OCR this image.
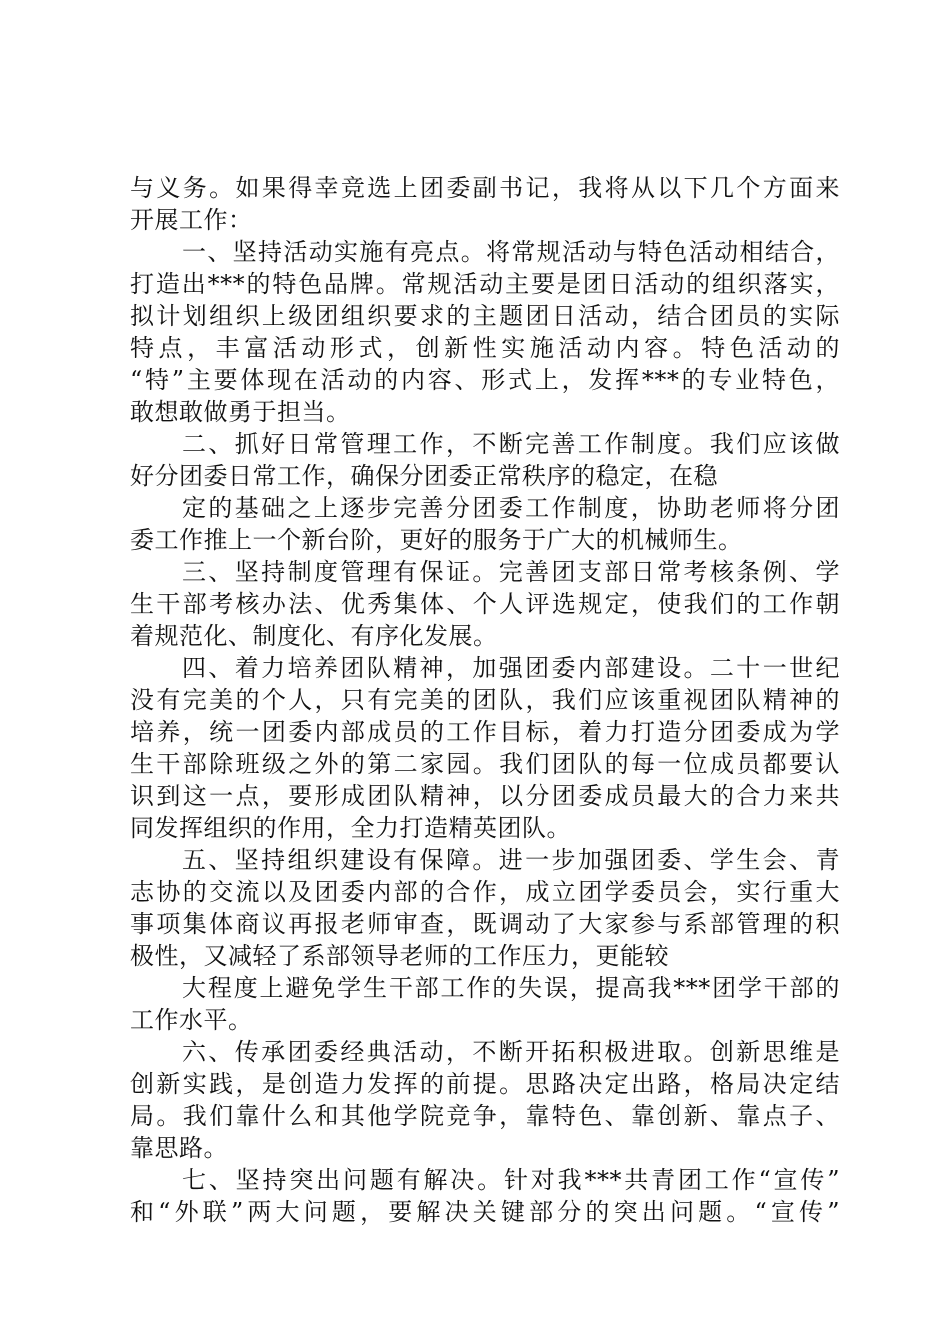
与义务。如果得幸竞选上团委副书记，我将从以下几个方面来
开展工作：
一、坚持活动实施有亮点。将常规活动与特色活动相结合，
打造出***的特色品牌。常规活动主要是团日活动的组织落实，
拟计划组织上级团组织要求的主题团日活动，结合团员的实际
特点，丰富活动形式，创新性实施活动内容。特色活动的
“特”主要体现在活动的内容、形式上，发挥***的专业特色，
敢想敢做勇于担当。
二、抓好日常管理工作，不断完善工作制度。我们应该做
好分团委日常工作，确保分团委正常秩序的稳定，在稳
定的基础之上逐步完善分团委工作制度，协助老师将分团
委工作推上一个新台阶，更好的服务于广大的机械师生。
三、坚持制度管理有保证。完善团支部日常考核条例、学
生干部考核办法、优秀集体、个人评选规定，使我们的工作朝
着规范化、制度化、有序化发展。
四、着力培养团队精神，加强团委内部建设。二十一世纪
没有完美的个人，只有完美的团队，我们应该重视团队精神的
培养，统一团委内部成员的工作目标，着力打造分团委成为学
生干部除班级之外的第二家园。我们团队的每一位成员都要认
识到这一点，要形成团队精神，以分团委成员最大的合力来共
同发挥组织的作用，全力打造精英团队。
五、坚持组织建设有保障。进一步加强团委、学生会、青
志协的交流以及团委内部的合作，成立团学委员会，实行重大
事项集体商议再报老师审查，既调动了大家参与系部管理的积
极性，又减轻了系部领导老师的工作压力，更能较
大程度上避免学生干部工作的失误，提高我***团学干部的
工作水平。
六、传承团委经典活动，不断开拓积极进取。创新思维是
创新实践，是创造力发挥的前提。思路决定出路，格局决定结
局。我们靠什么和其他学院竞争，靠特色、靠创新、靠点子、
靠思路。
七、坚持突出问题有解决。针对我***共青团工作“宣传”
和“外联”两大问题，要解决关键部分的突出问题。“宣传”
